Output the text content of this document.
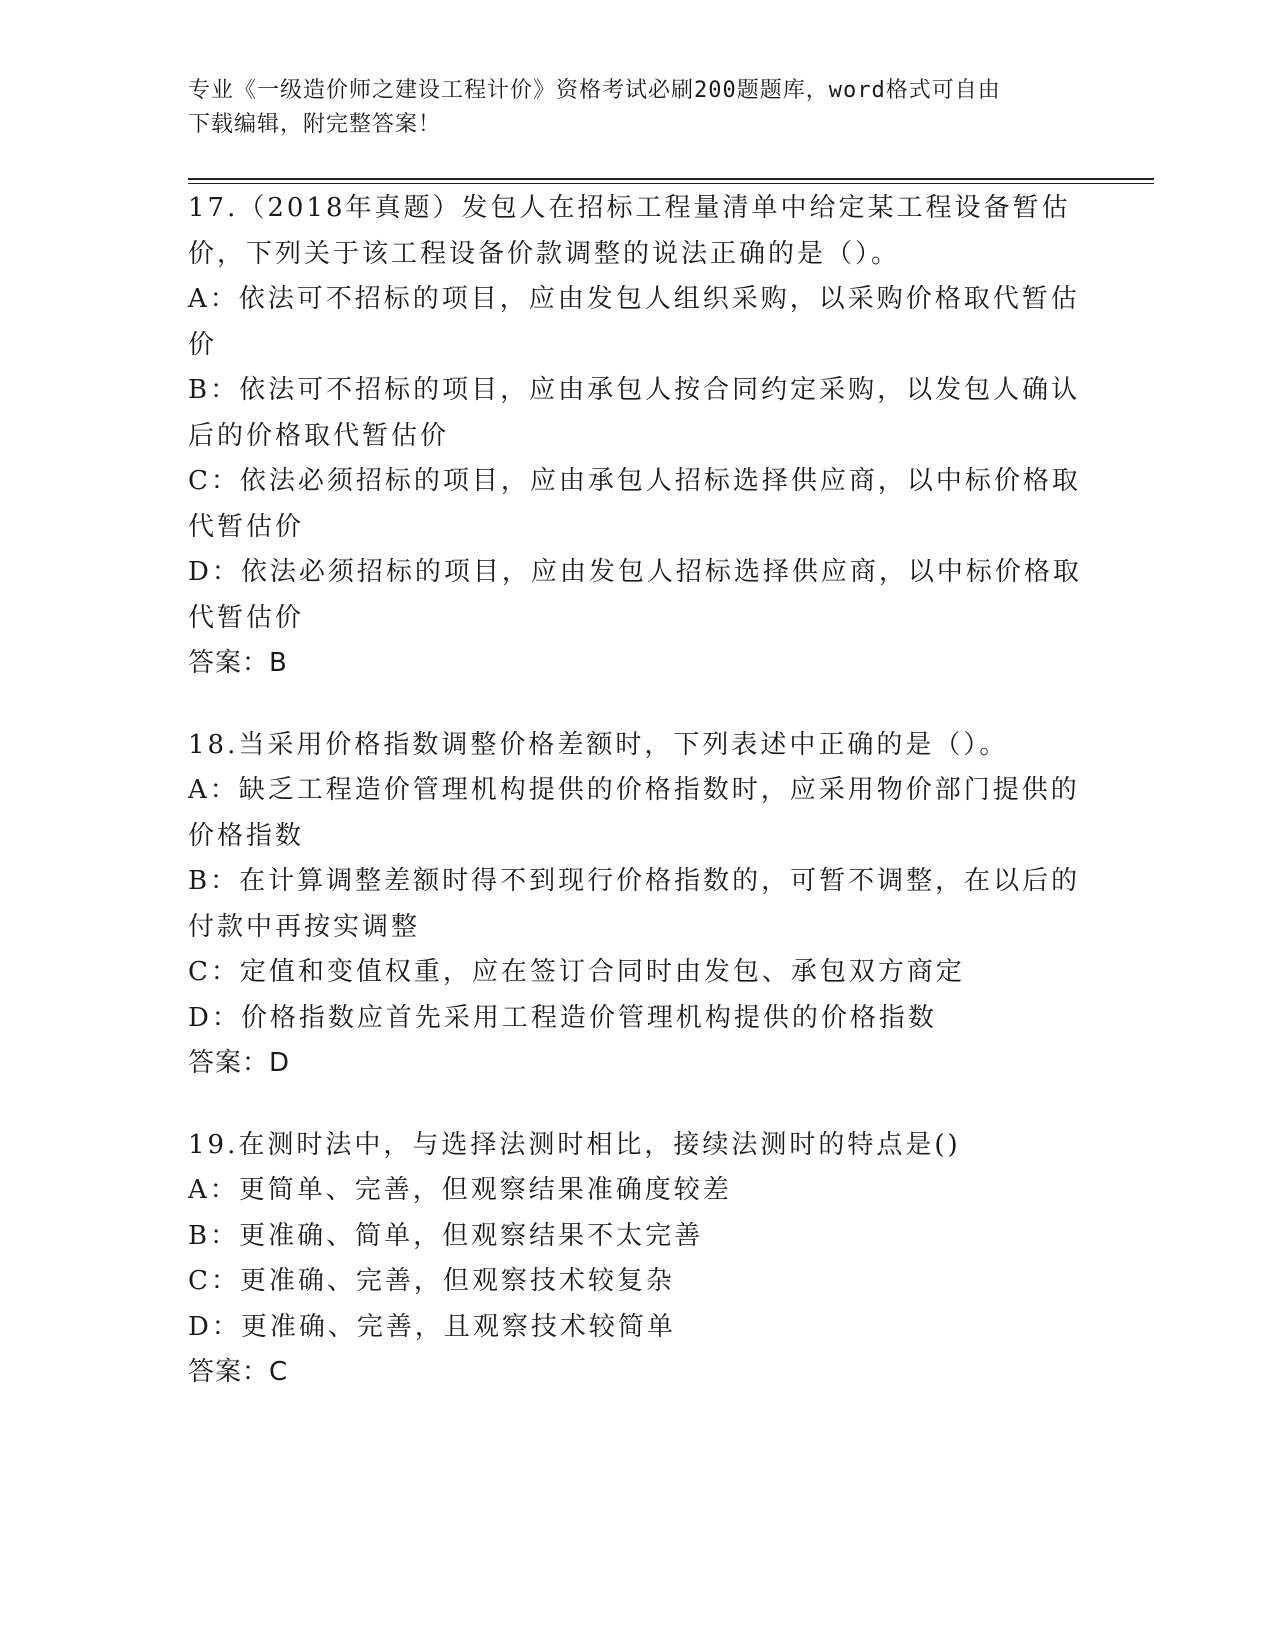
专业《一级造价师之建设工程计价》资格考试必刷200题题库，word格式可自由
下载编辑，附完整答案！

17.（2018年真题）发包人在招标工程量清单中给定某工程设备暂估价，下列关于该工程设备价款调整的说法正确的是（）。

A：依法可不招标的项目，应由发包人组织采购，以采购价格取代暂估价

B：依法可不招标的项目，应由承包人按合同约定采购，以发包人确认后的价格取代暂估价

C：依法必须招标的项目，应由承包人招标选择供应商，以中标价格取代暂估价

D：依法必须招标的项目，应由发包人招标选择供应商，以中标价格取代暂估价

答案：B

18.当采用价格指数调整价格差额时，下列表述中正确的是（）。

A：缺乏工程造价管理机构提供的价格指数时，应采用物价部门提供的价格指数

B：在计算调整差额时得不到现行价格指数的，可暂不调整，在以后的付款中再按实调整

C：定值和变值权重，应在签订合同时由发包、承包双方商定

D：价格指数应首先采用工程造价管理机构提供的价格指数

答案：D

19.在测时法中，与选择法测时相比，接续法测时的特点是()

A：更简单、完善，但观察结果准确度较差

B：更准确、简单，但观察结果不太完善

C：更准确、完善，但观察技术较复杂

D：更准确、完善，且观察技术较简单

答案：C
